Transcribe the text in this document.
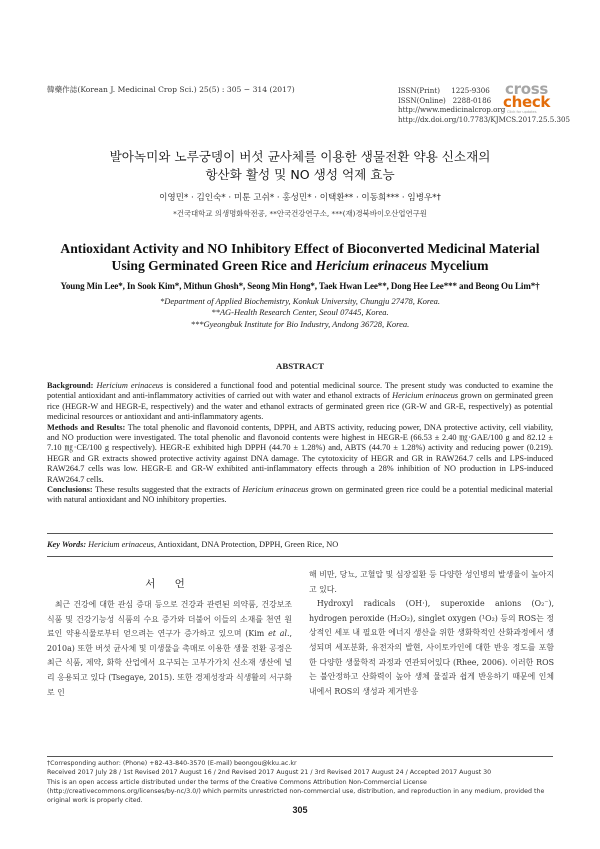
韓藥作誌(Korean J. Medicinal Crop Sci.) 25(5) : 305 − 314 (2017)	ISSN(Print)     1225-9306
ISSN(Online)   2288-0186
http://www.medicinalcrop.org
http://dx.doi.org/10.7783/KJMCS.2017.25.5.305
cross
check
Click for updates
발아녹미와 노루궁뎅이 버섯 균사체를 이용한 생물전환 약용 신소재의
항산화 활성 및 NO 생성 억제 효능
이영민* · 김인숙* · 미툰 고쉬* · 홍성민* · 이택환** · 이동희*** · 임병우*†
*건국대학교 의생명화학전공, **안국건강연구소, ***(재)경북바이오산업연구원
Antioxidant Activity and NO Inhibitory Effect of Bioconverted Medicinal Material
Using Germinated Green Rice and Hericium erinaceus Mycelium
Young Min Lee*, In Sook Kim*, Mithun Ghosh*, Seong Min Hong*, Taek Hwan Lee**, Dong Hee Lee*** and Beong Ou Lim*†
*Department of Applied Biochemistry, Konkuk University, Chungju 27478, Korea.
**AG-Health Research Center, Seoul 07445, Korea.
***Gyeongbuk Institute for Bio Industry, Andong 36728, Korea.
ABSTRACT

Background: Hericium erinaceus is considered a functional food and potential medicinal source. The present study was conducted to examine the potential antioxidant and anti-inflammatory activities of carried out with water and ethanol extracts of Hericium erinaceus grown on germinated green rice (HEGR-W and HEGR-E, respectively) and the water and ethanol extracts of germinated green rice (GR-W and GR-E, respectively) as potential medicinal resources or antioxidant and anti-inflammatory agents.

Methods and Results: The total phenolic and flavonoid contents, DPPH, and ABTS activity, reducing power, DNA protective activity, cell viability, and NO production were investigated. The total phenolic and flavonoid contents were highest in HEGR-E (66.53 ± 2.40 ㎎·GAE/100 g and 82.12 ± 7.10 ㎎·CE/100 g respectively). HEGR-E exhibited high DPPH (44.70 ± 1.28%) and, ABTS (44.70 ± 1.28%) activity and reducing power (0.219). HEGR and GR extracts showed protective activity against DNA damage. The cytotoxicity of HEGR and GR in RAW264.7 cells and LPS-induced RAW264.7 cells was low. HEGR-E and GR-W exhibited anti-inflammatory effects through a 28% inhibition of NO production in LPS-induced RAW264.7 cells.

Conclusions: These results suggested that the extracts of Hericium erinaceus grown on germinated green rice could be a potential medicinal material with natural antioxidant and NO inhibitory properties.

Key Words: Hericium erinaceus, Antioxidant, DNA Protection, DPPH, Green Rice, NO
서 언

최근 건강에 대한 관심 증대 등으로 건강과 관련된 의약품, 건강보조식품 및 건강기능성 식품의 수요 증가와 더불어 이들의 소재를 천연 원료인 약용식물로부터 얻으려는 연구가 증가하고 있으며 (Kim et al., 2010a) 또한 버섯 균사체 및 미생물을 촉매로 이용한 생물 전환 공정은 최근 식품, 제약, 화학 산업에서 요구되는 고부가가치 신소재 생산에 널리 응용되고 있다 (Tsegaye, 2015). 또한 경제성장과 식생활의 서구화로 인

해 비만, 당뇨, 고혈압 및 심장질환 등 다양한 성인병의 발생율이 높아지고 있다.

Hydroxyl radicals (OH·), superoxide anions (O₂⁻), hydrogen peroxide (H₂O₂), singlet oxygen (¹O₂) 등의 ROS는 정상적인 세포 내 필요한 에너지 생산을 위한 생화학적인 산화과정에서 생성되며 세포분화, 유전자의 발현, 사이토카인에 대한 반응 정도를 포함한 다양한 생물학적 과정과 연관되어있다 (Rhee, 2006). 이러한 ROS는 불안정하고 산화력이 높아 생체 물질과 쉽게 반응하기 때문에 인체 내에서 ROS의 생성과 제거반응

†Corresponding author: (Phone) +82-43-840-3570 (E-mail) beongou@kku.ac.kr

Received 2017 July 28 / 1st Revised 2017 August 16 / 2nd Revised 2017 August 21 / 3rd Revised 2017 August 24 / Accepted 2017 August 30

This is an open access article distributed under the terms of the Creative Commons Attribution Non-Commercial License (http://creativecommons.org/licenses/by-nc/3.0/) which permits unrestricted non-commercial use, distribution, and reproduction in any medium, provided the original work is properly cited.

305
